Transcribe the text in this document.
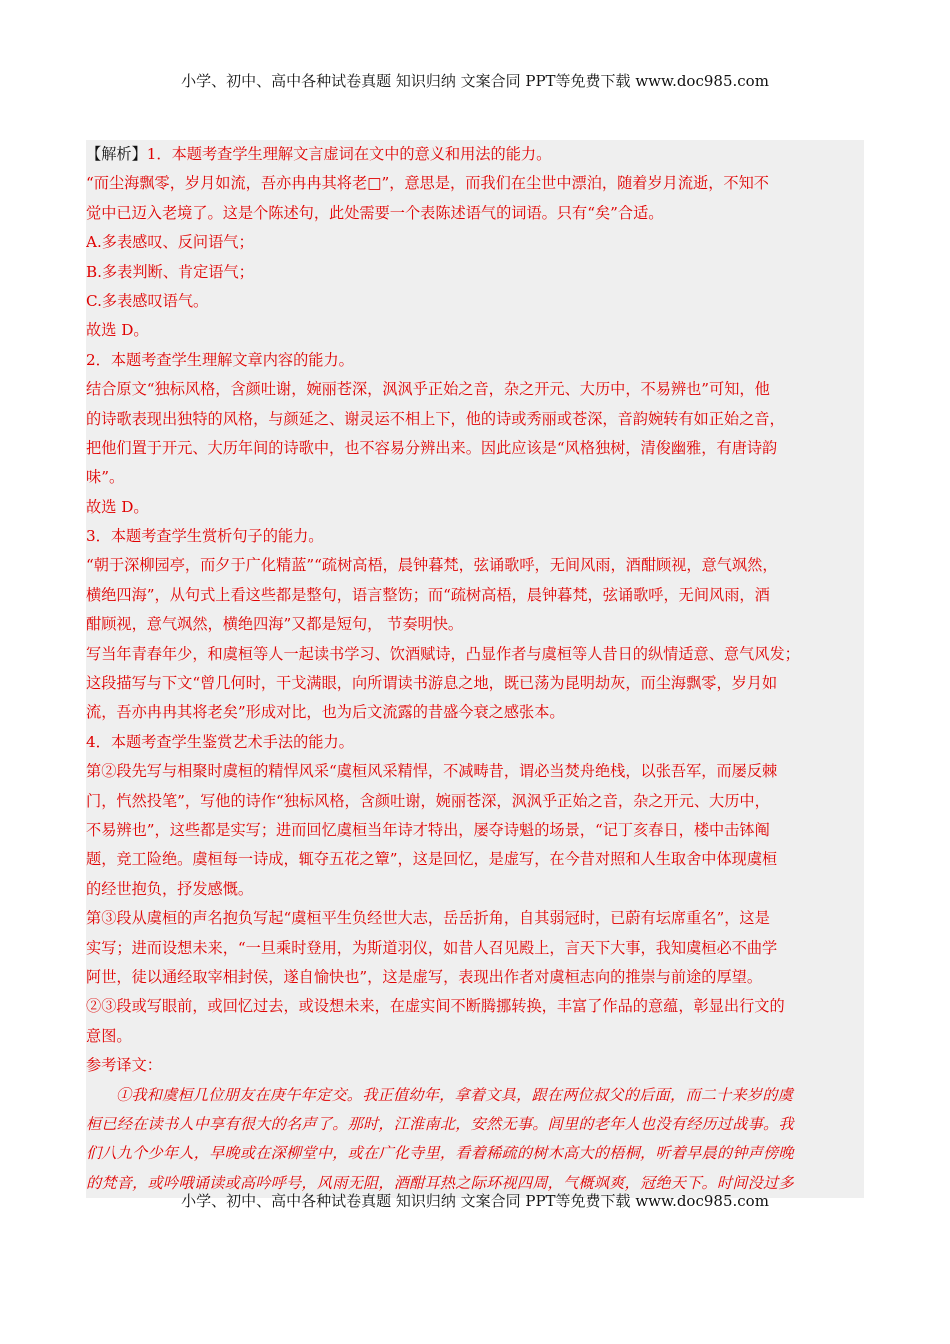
小学、初中、高中各种试卷真题 知识归纳 文案合同 PPT等免费下载 www.doc985.com
【解析】1．本题考查学生理解文言虚词在文中的意义和用法的能力。
“而尘海飘零，岁月如流，吾亦冉冉其将老□”，意思是，而我们在尘世中漂泊，随着岁月流逝，不知不
觉中已迈入老境了。这是个陈述句，此处需要一个表陈述语气的词语。只有“矣”合适。
A.多表感叹、反问语气；
B.多表判断、肯定语气；
C.多表感叹语气。
故选 D。
2．本题考查学生理解文章内容的能力。
结合原文“独标风格，含颜吐谢，婉丽苍深，沨沨乎正始之音，杂之开元、大历中，不易辨也”可知，他
的诗歌表现出独特的风格，与颜延之、谢灵运不相上下，他的诗或秀丽或苍深，音韵婉转有如正始之音，
把他们置于开元、大历年间的诗歌中，也不容易分辨出来。因此应该是“风格独树，清俊幽雅，有唐诗韵
味”。
故选 D。
3．本题考查学生赏析句子的能力。
“朝于深柳园亭，而夕于广化精蓝”“疏树高梧，晨钟暮梵，弦诵歌呼，无间风雨，酒酣顾视，意气飒然，
横绝四海”，从句式上看这些都是整句，语言整饬；而“疏树高梧，晨钟暮梵，弦诵歌呼，无间风雨，酒
酣顾视，意气飒然，横绝四海”又都是短句， 节奏明快。
写当年青春年少，和虞桓等人一起读书学习、饮酒赋诗，凸显作者与虞桓等人昔日的纵情适意、意气风发；
这段描写与下文“曾几何时，干戈满眼，向所谓读书游息之地，既已荡为昆明劫灰，而尘海飘零，岁月如
流，吾亦冉冉其将老矣”形成对比，也为后文流露的昔盛今衰之感张本。
4．本题考查学生鉴赏艺术手法的能力。
第②段先写与相聚时虞桓的精悍风采“虞桓风采精悍，不减畴昔，谓必当焚舟绝栈，以张吾军，而屡反棘
门，忾然投笔”，写他的诗作“独标风格，含颜吐谢，婉丽苍深，沨沨乎正始之音，杂之开元、大历中，
不易辨也”，这些都是实写；进而回忆虞桓当年诗才特出，屡夺诗魁的场景，“记丁亥春日，楼中击钵阄
题，竞工险绝。虞桓每一诗成，辄夺五花之簟”，这是回忆，是虚写，在今昔对照和人生取舍中体现虞桓
的经世抱负，抒发感慨。
第③段从虞桓的声名抱负写起“虞桓平生负经世大志，岳岳折角，自其弱冠时，已蔚有坛席重名”，这是
实写；进而设想未来，“一旦乘时登用，为斯道羽仪，如昔人召见殿上，言天下大事，我知虞桓必不曲学
阿世，徒以通经取宰相封侯，遂自愉快也”，这是虚写，表现出作者对虞桓志向的推崇与前途的厚望。
②③段或写眼前，或回忆过去，或设想未来，在虚实间不断腾挪转换，丰富了作品的意蕴，彰显出行文的
意图。
参考译文：
①我和虞桓几位朋友在庚午年定交。我正值幼年，拿着文具，跟在两位叔父的后面，而二十来岁的虞
桓已经在读书人中享有很大的名声了。那时，江淮南北，安然无事。闾里的老年人也没有经历过战事。我
们八九个少年人，早晚或在深柳堂中，或在广化寺里，看着稀疏的树木高大的梧桐，听着早晨的钟声傍晚
的梵音，或吟哦诵读或高吟呼号，风雨无阻，酒酣耳热之际环视四周，气概飒爽，冠绝天下。时间没过多
小学、初中、高中各种试卷真题 知识归纳 文案合同 PPT等免费下载 www.doc985.com
